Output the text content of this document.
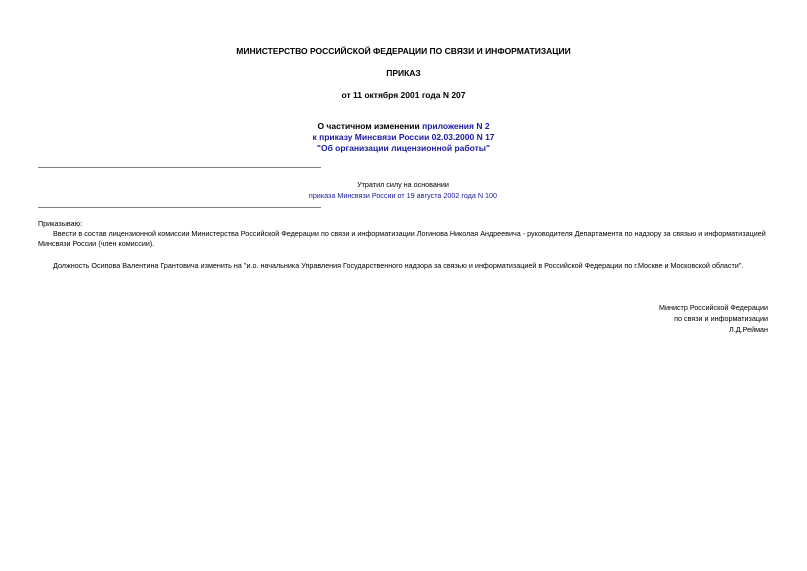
МИНИСТЕРСТВО РОССИЙСКОЙ ФЕДЕРАЦИИ ПО СВЯЗИ И ИНФОРМАТИЗАЦИИ
ПРИКАЗ
от 11 октября 2001 года N 207
О частичном изменении приложения N 2
к приказу Минсвязи России 02.03.2000 N 17
"Об организации лицензионной работы"
Утратил силу на основании
приказа Минсвязи России от 19 августа 2002 года N 100
Приказываю:
Ввести в состав лицензионной комиссии Министерства Российской Федерации по связи и информатизации Логинова Николая Андреевича - руководителя Департамента по надзору за связью и информатизацией Минсвязи России (член комиссии).
Должность Осипова Валентина Грантовича изменить на "и.о. начальника Управления Государственного надзора за связью и информатизацией в Российской Федерации по г.Москве и Московской области".
Министр Российской Федерации
по связи и информатизации
Л.Д.Рейман
